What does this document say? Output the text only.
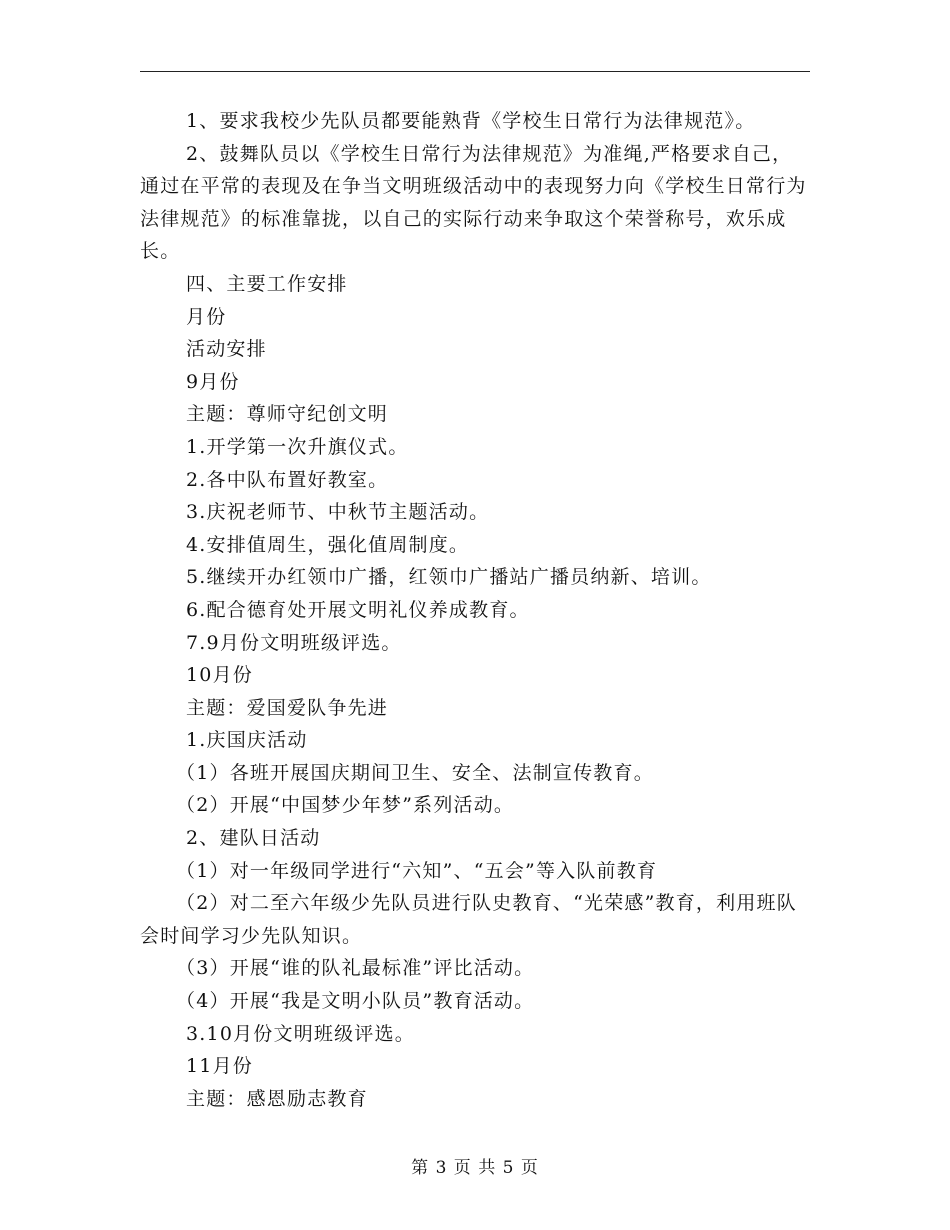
1、要求我校少先队员都要能熟背《学校生日常行为法律规范》。
2、鼓舞队员以《学校生日常行为法律规范》为准绳,严格要求自己，通过在平常的表现及在争当文明班级活动中的表现努力向《学校生日常行为法律规范》的标准靠拢，以自己的实际行动来争取这个荣誉称号，欢乐成长。
四、主要工作安排
月份
活动安排
9月份
主题：尊师守纪创文明
1.开学第一次升旗仪式。
2.各中队布置好教室。
3.庆祝老师节、中秋节主题活动。
4.安排值周生，强化值周制度。
5.继续开办红领巾广播，红领巾广播站广播员纳新、培训。
6.配合德育处开展文明礼仪养成教育。
7.9月份文明班级评选。
10月份
主题：爱国爱队争先进
1.庆国庆活动
（1）各班开展国庆期间卫生、安全、法制宣传教育。
（2）开展“中国梦少年梦”系列活动。
2、建队日活动
（1）对一年级同学进行“六知”、“五会”等入队前教育
（2）对二至六年级少先队员进行队史教育、“光荣感”教育，利用班队会时间学习少先队知识。
（3）开展“谁的队礼最标准”评比活动。
（4）开展“我是文明小队员”教育活动。
3.10月份文明班级评选。
11月份
主题：感恩励志教育
第 3 页 共 5 页
